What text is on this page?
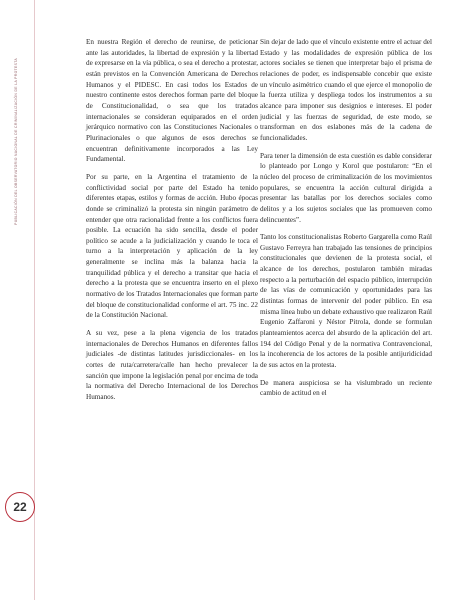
PUBLICACIÓN DEL OBSERVATORIO NACIONAL DE CRIMINALIZACIÓN DE LA PROTESTA
22

En nuestra Región el derecho de reunirse, de peticionar ante las autoridades, la libertad de expresión y la libertad de expresarse en la vía pública, o sea el derecho a protestar, están previstos en la Convención Americana de Derechos Humanos y el PIDESC. En casi todos los Estados de nuestro continente estos derechos forman parte del bloque de Constitucionalidad, o sea que los tratados internacionales se consideran equiparados en el orden jerárquico normativo con las Constituciones Nacionales o Plurinacionales o que algunos de esos derechos se encuentran definitivamente incorporados a las Ley Fundamental.

Por su parte, en la Argentina el tratamiento de la conflictividad social por parte del Estado ha tenido diferentes etapas, estilos y formas de acción. Hubo épocas donde se criminalizó la protesta sin ningún parámetro de entender que otra racionalidad frente a los conflictos fuera posible. La ecuación ha sido sencilla, desde el poder político se acude a la judicialización y cuando le toca el turno a la interpretación y aplicación de la ley generalmente se inclina más la balanza hacia la tranquilidad pública y el derecho a transitar que hacia el derecho a la protesta que se encuentra inserto en el plexo normativo de los Tratados Internacionales que forman parte del bloque de constitucionalidad conforme el art. 75 inc. 22 de la Constitución Nacional.

A su vez, pese a la plena vigencia de los tratados internacionales de Derechos Humanos en diferentes fallos judiciales -de distintas latitudes jurisdiccionales- en los cortes de ruta/carretera/calle han hecho prevalecer la sanción que impone la legislación penal por encima de toda la normativa del Derecho Internacional de los Derechos Humanos.

Sin dejar de lado que el vínculo existente entre el actuar del Estado y las modalidades de expresión pública de los actores sociales se tienen que interpretar bajo el prisma de relaciones de poder, es indispensable concebir que existe un vínculo asimétrico cuando el que ejerce el monopolio de la fuerza utiliza y despliega todos los instrumentos a su alcance para imponer sus designios e intereses. El poder judicial y las fuerzas de seguridad, de este modo, se transforman en dos eslabones más de la cadena de funcionalidades.

Para tener la dimensión de esta cuestión es dable considerar lo planteado por Longo y Korol que postularon: “En el núcleo del proceso de criminalización de los movimientos populares, se encuentra la acción cultural dirigida a presentar las batallas por los derechos sociales como delitos y a los sujetos sociales que las promueven como delincuentes”.

Tanto los constitucionalistas Roberto Gargarella como Raúl Gustavo Ferreyra han trabajado las tensiones de principios constitucionales que devienen de la protesta social, el alcance de los derechos, postularon también miradas respecto a la perturbación del espacio público, interrupción de las vías de comunicación y oportunidades para las distintas formas de intervenir del poder público. En esa misma línea hubo un debate exhaustivo que realizaron Raúl Eugenio Zaffaroni y Néstor Pitrola, donde se formulan planteamientos acerca del absurdo de la aplicación del art. 194 del Código Penal y de la normativa Contravencional, la incoherencia de los actores de la posible antijuridicidad de sus actos en la protesta.

De manera auspiciosa se ha vislumbrado un reciente cambio de actitud en el
